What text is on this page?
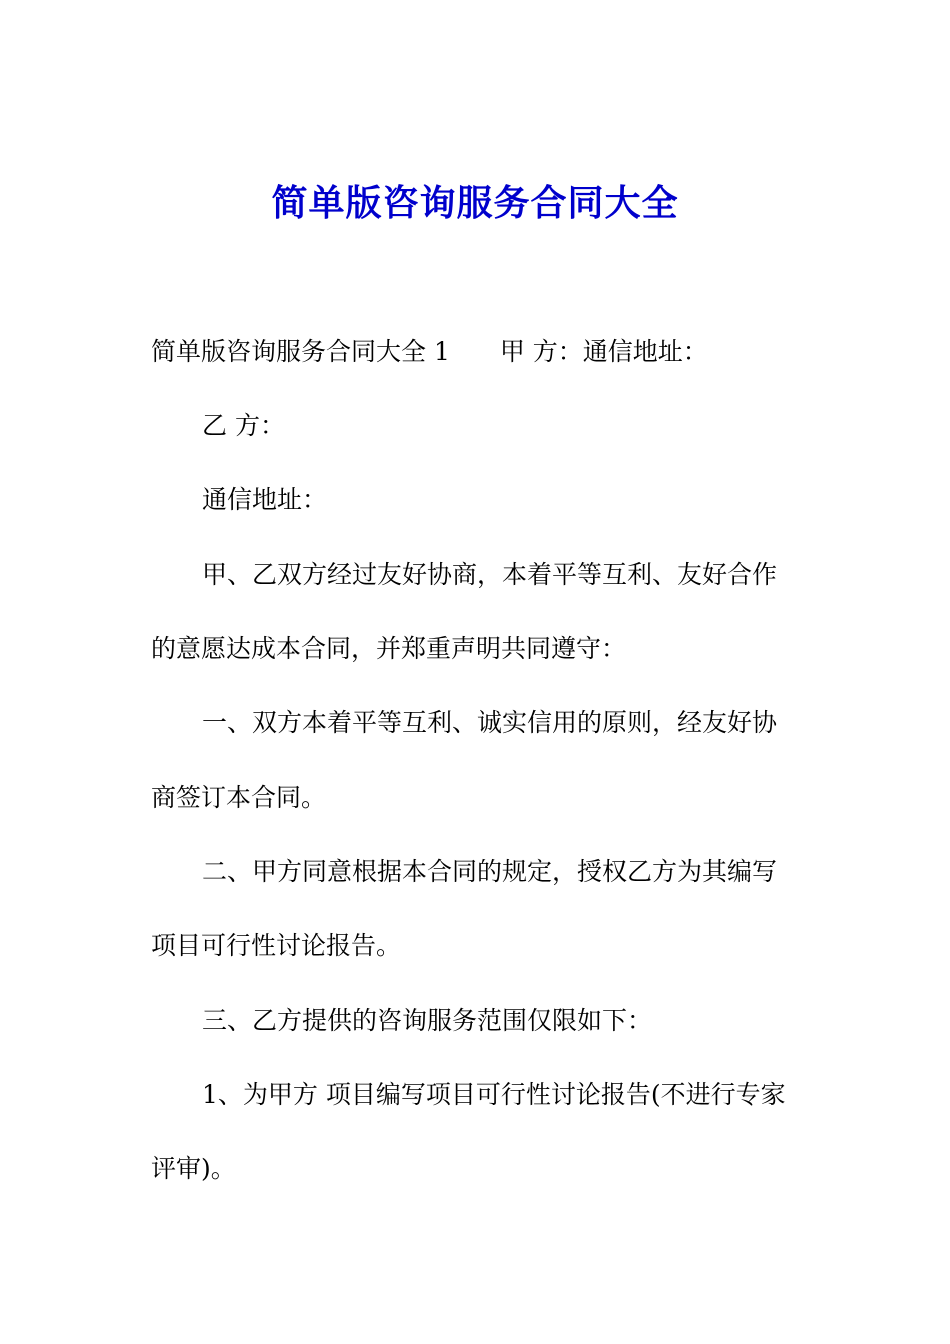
简单版咨询服务合同大全

简单版咨询服务合同大全 1　　甲 方：通信地址：

乙 方：

通信地址：

甲、乙双方经过友好协商，本着平等互利、友好合作

的意愿达成本合同，并郑重声明共同遵守：

一、双方本着平等互利、诚实信用的原则，经友好协

商签订本合同。

二、甲方同意根据本合同的规定，授权乙方为其编写

项目可行性讨论报告。

三、乙方提供的咨询服务范围仅限如下：

1、为甲方 项目编写项目可行性讨论报告(不进行专家

评审)。
